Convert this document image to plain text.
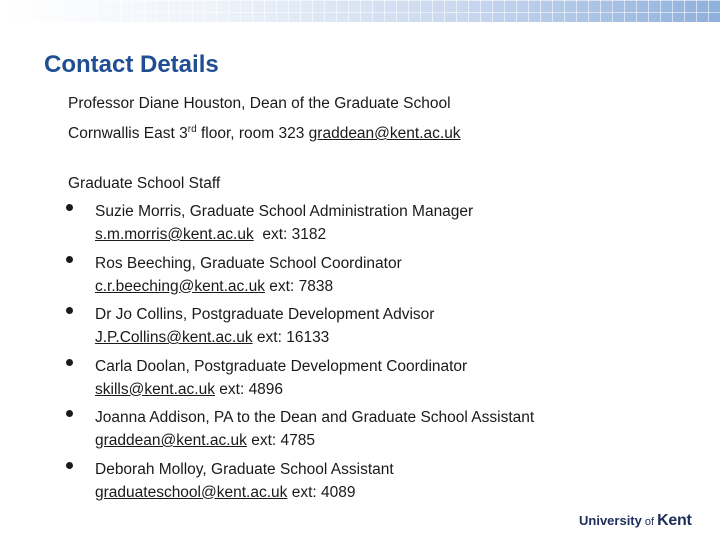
Contact Details
Professor Diane Houston, Dean of the Graduate School
Cornwallis East 3rd floor, room 323 graddean@kent.ac.uk
Graduate School Staff
Suzie Morris, Graduate School Administration Manager
s.m.morris@kent.ac.uk  ext: 3182
Ros Beeching, Graduate School Coordinator
c.r.beeching@kent.ac.uk ext: 7838
Dr Jo Collins, Postgraduate Development Advisor
J.P.Collins@kent.ac.uk ext: 16133
Carla Doolan, Postgraduate Development Coordinator
skills@kent.ac.uk ext: 4896
Joanna Addison, PA to the Dean and Graduate School Assistant
graddean@kent.ac.uk ext: 4785
Deborah Molloy, Graduate School Assistant
graduateschool@kent.ac.uk ext: 4089
University of Kent
